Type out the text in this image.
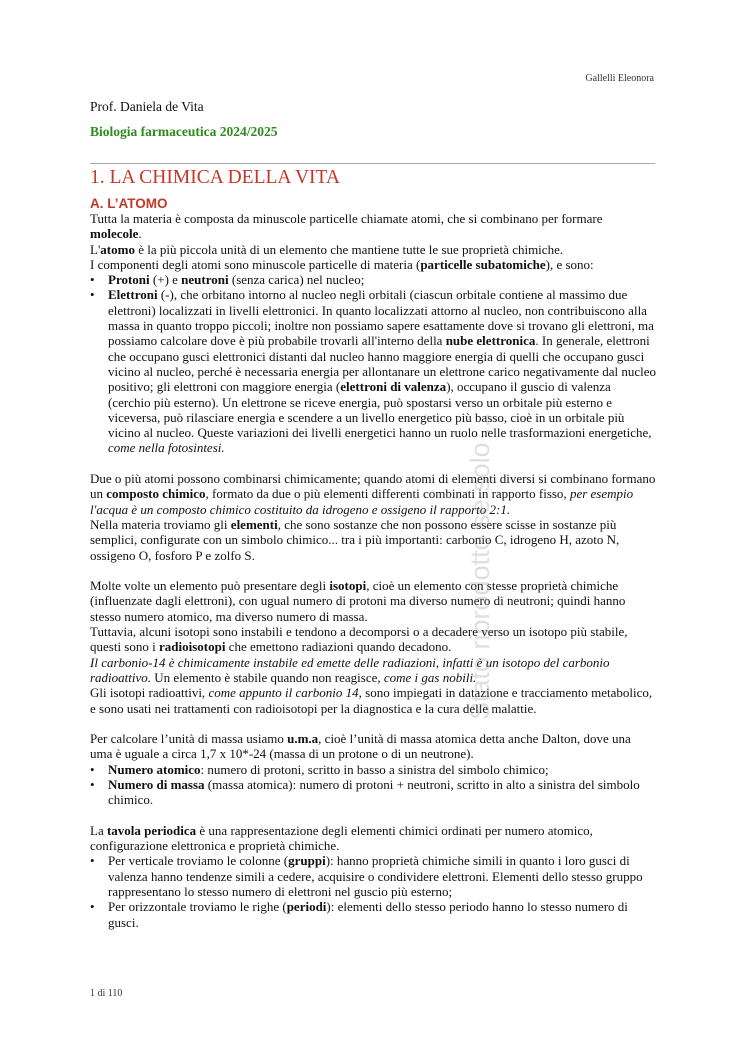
Gallelli Eleonora
Prof. Daniela de Vita
Biologia farmaceutica 2024/2025
1. LA CHIMICA DELLA VITA
A. L’ATOMO

Tutta la materia è composta da minuscole particelle chiamate atomi, che si combinano per formare molecole.

L'atomo è la più piccola unità di un elemento che mantiene tutte le sue proprietà chimiche.

I componenti degli atomi sono minuscole particelle di materia (particelle subatomiche), e sono:

• Protoni (+) e neutroni (senza carica) nel nucleo;
• Elettroni (-), che orbitano intorno al nucleo negli orbitali (ciascun orbitale contiene al massimo due elettroni) localizzati in livelli elettronici. In quanto localizzati attorno al nucleo, non contribuiscono alla massa in quanto troppo piccoli; inoltre non possiamo sapere esattamente dove si trovano gli elettroni, ma possiamo calcolare dove è più probabile trovarli all'interno della nube elettronica. In generale, elettroni che occupano gusci elettronici distanti dal nucleo hanno maggiore energia di quelli che occupano gusci vicino al nucleo, perché è necessaria energia per allontanare un elettrone carico negativamente dal nucleo positivo; gli elettroni con maggiore energia (elettroni di valenza), occupano il guscio di valenza (cerchio più esterno). Un elettrone se riceve energia, può spostarsi verso un orbitale più esterno e viceversa, può rilasciare energia e scendere a un livello energetico più basso, cioè in un orbitale più vicino al nucleo. Queste variazioni dei livelli energetici hanno un ruolo nelle trasformazioni energetiche, come nella fotosintesi.

Due o più atomi possono combinarsi chimicamente; quando atomi di elementi diversi si combinano formano un composto chimico, formato da due o più elementi differenti combinati in rapporto fisso, per esempio l'acqua è un composto chimico costituito da idrogeno e ossigeno il rapporto 2:1.

Nella materia troviamo gli elementi, che sono sostanze che non possono essere scisse in sostanze più semplici, configurate con un simbolo chimico... tra i più importanti: carbonio C, idrogeno H, azoto N, ossigeno O, fosforo P e zolfo S.

Molte volte un elemento può presentare degli isotopi, cioè un elemento con stesse proprietà chimiche (influenzate dagli elettroni), con ugual numero di protoni ma diverso numero di neutroni; quindi hanno stesso numero atomico, ma diverso numero di massa.

Tuttavia, alcuni isotopi sono instabili e tendono a decomporsi o a decadere verso un isotopo più stabile, questi sono i radioisotopi che emettono radiazioni quando decadono.

Il carbonio-14 è chimicamente instabile ed emette delle radiazioni, infatti è un isotopo del carbonio radioattivo. Un elemento è stabile quando non reagisce, come i gas nobili.

Gli isotopi radioattivi, come appunto il carbonio 14, sono impiegati in datazione e tracciamento metabolico, e sono usati nei trattamenti con radioisotopi per la diagnostica e la cura delle malattie.

Per calcolare l’unità di massa usiamo u.m.a, cioè l’unità di massa atomica detta anche Dalton, dove una uma è uguale a circa 1,7 x 10*-24 (massa di un protone o di un neutrone).

• Numero atomico: numero di protoni, scritto in basso a sinistra del simbolo chimico;
• Numero di massa (massa atomica): numero di protoni + neutroni, scritto in alto a sinistra del simbolo chimico.

La tavola periodica è una rappresentazione degli elementi chimici ordinati per numero atomico, configurazione elettronica e proprietà chimiche.

• Per verticale troviamo le colonne (gruppi): hanno proprietà chimiche simili in quanto i loro gusci di valenza hanno tendenze simili a cedere, acquisire o condividere elettroni. Elementi dello stesso gruppo rappresentano lo stesso numero di elettroni nel guscio più esterno;
• Per orizzontale troviamo le righe (periodi): elementi dello stesso periodo hanno lo stesso numero di gusci.
Stato riprodotto se solo ...
1 di 110
